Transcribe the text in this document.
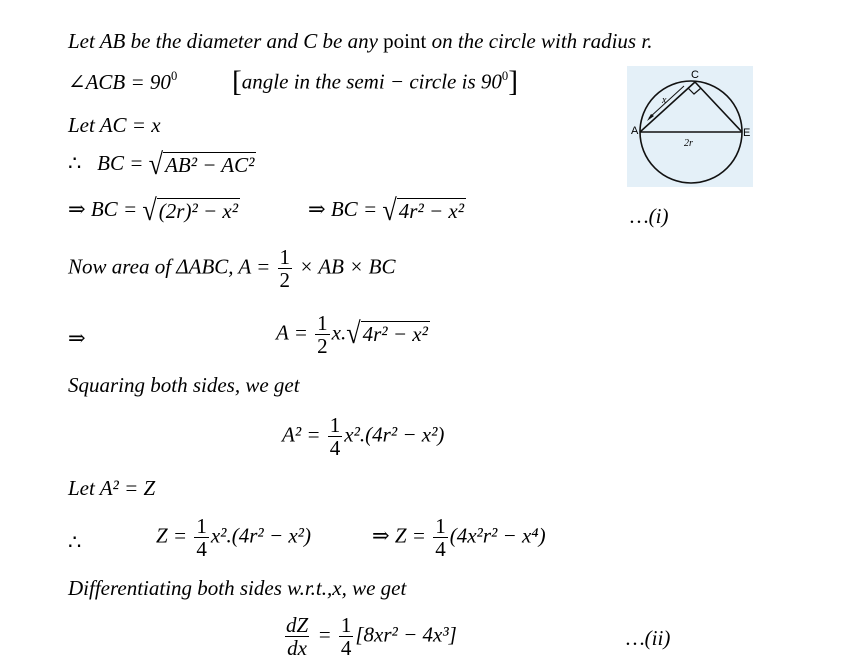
Let AB be the diameter and C be any point on the circle with radius r.
∠ACB = $90^0$ [angle in the semi − circle is $90^0$]
Let AC = x
∴ BC = √ AB² − AC²
⇒ BC = √ (2r)² − x²	⇒ BC = √ 4r² − x²	…(i)
Now area of ΔABC, $A = \frac{1}{2}$ × AB × BC
⇒	$A = \frac{1}{2} x$. √ 4r² − x²
Squaring both sides, we get
$A^2 = \frac{1}{4} x^2.(4r^2 - x^2)$
Let A² = Z
∴	$Z = \frac{1}{4} x^2.(4r^2 - x^2)$	⇒ $Z = \frac{1}{4} (4x^2r^2 - x^4)$
Differentiating both sides w.r.t.,x, we get
$\frac{dZ}{dx} = \frac{1}{4} [8xr^2 - 4x^3]$	…(ii)
A	E
C
x
2r
